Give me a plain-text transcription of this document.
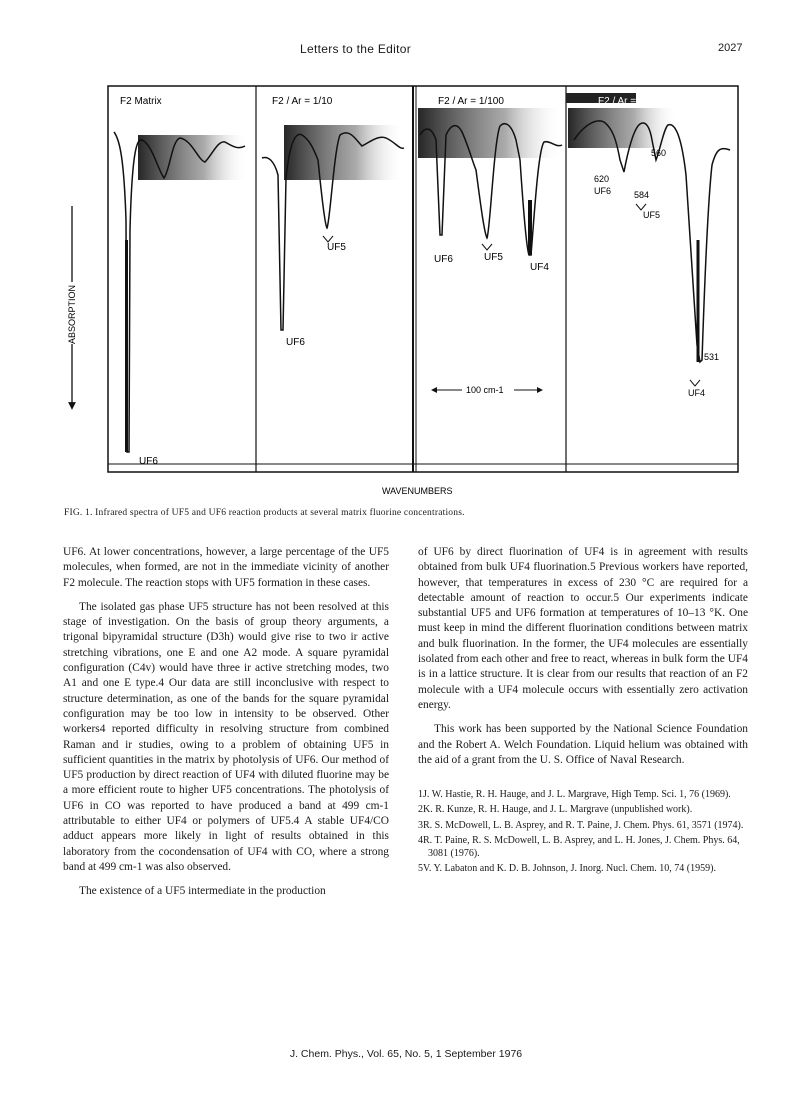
Letters to the Editor	2027
F2 Matrix	F2 / Ar = 1/10	F2 / Ar = 1/100	F2 / Ar = 1/1000
UF6
UF5
UF6
UF6	UF5
UF4
560
620
UF6	584
UF5
531
UF4
100 cm-1
ABSORPTION
WAVENUMBERS
FIG. 1. Infrared spectra of UF5 and UF6 reaction products at several matrix fluorine concentrations.

UF6. At lower concentrations, however, a large percentage of the UF5 molecules, when formed, are not in the immediate vicinity of another F2 molecule. The reaction stops with UF5 formation in these cases.

The isolated gas phase UF5 structure has not been resolved at this stage of investigation. On the basis of group theory arguments, a trigonal bipyramidal structure (D3h) would give rise to two ir active stretching vibrations, one E and one A2 mode. A square pyramidal configuration (C4v) would have three ir active stretching modes, two A1 and one E type.4 Our data are still inconclusive with respect to structure determination, as one of the bands for the square pyramidal configuration may be too low in intensity to be observed. Other workers4 reported difficulty in resolving structure from combined Raman and ir studies, owing to a problem of obtaining UF5 in sufficient quantities in the matrix by photolysis of UF6. Our method of UF5 production by direct reaction of UF4 with diluted fluorine may be a more efficient route to higher UF5 concentrations. The photolysis of UF6 in CO was reported to have produced a band at 499 cm-1 attributable to either UF4 or polymers of UF5.4 A stable UF4/CO adduct appears more likely in light of results obtained in this laboratory from the cocondensation of UF4 with CO, where a strong band at 499 cm-1 was also observed.

The existence of a UF5 intermediate in the production

of UF6 by direct fluorination of UF4 is in agreement with results obtained from bulk UF4 fluorination.5 Previous workers have reported, however, that temperatures in excess of 230 °C are required for a detectable amount of reaction to occur.5 Our experiments indicate substantial UF5 and UF6 formation at temperatures of 10–13 °K. One must keep in mind the different fluorination conditions between matrix and bulk fluorination. In the former, the UF4 molecules are essentially isolated from each other and free to react, whereas in bulk form the UF4 is in a lattice structure. It is clear from our results that reaction of an F2 molecule with a UF4 molecule occurs with essentially zero activation energy.

This work has been supported by the National Science Foundation and the Robert A. Welch Foundation. Liquid helium was obtained with the aid of a grant from the U. S. Office of Naval Research.

1J. W. Hastie, R. H. Hauge, and J. L. Margrave, High Temp. Sci. 1, 76 (1969).
2K. R. Kunze, R. H. Hauge, and J. L. Margrave (unpublished work).
3R. S. McDowell, L. B. Asprey, and R. T. Paine, J. Chem. Phys. 61, 3571 (1974).
4R. T. Paine, R. S. McDowell, L. B. Asprey, and L. H. Jones, J. Chem. Phys. 64, 3081 (1976).
5V. Y. Labaton and K. D. B. Johnson, J. Inorg. Nucl. Chem. 10, 74 (1959).
J. Chem. Phys., Vol. 65, No. 5, 1 September 1976
